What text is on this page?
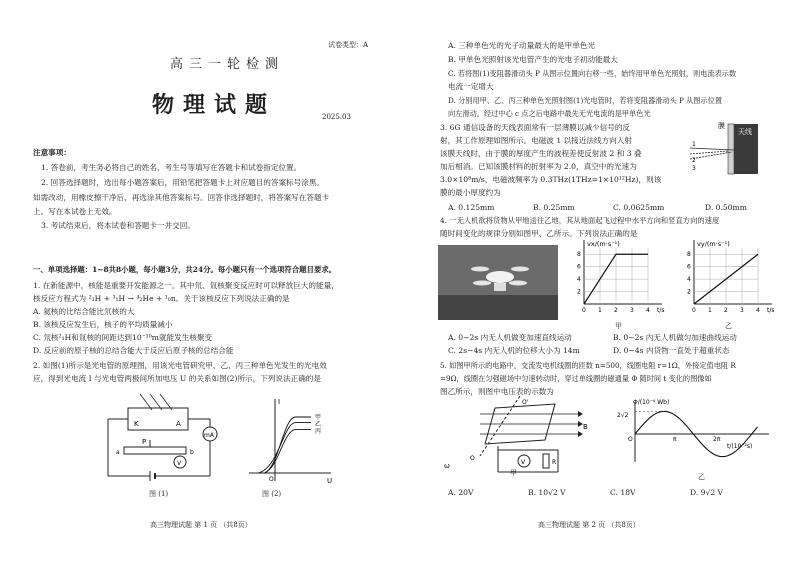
试卷类型：A
高三一轮检测
物理试题	2025.03
注意事项：
1. 答卷前，考生务必将自己的姓名、考生号等填写在答题卡和试卷指定位置。
2. 回答选择题时，选出每小题答案后，用铅笔把答题卡上对应题目的答案标号涂黑。
如需改动，用橡皮擦干净后，再选涂其他答案标号。回答非选择题时，将答案写在答题卡
上。写在本试卷上无效。
3. 考试结束后，将本试卷和答题卡一并交回。
一、单项选择题：1~8共8小题，每小题3分，共24分。每小题只有一个选项符合题目要求。
1. 在新能源中，核能是重要开发能源之一。其中氘、氚核聚变反应时可以释放巨大的能量，
核反应方程式为 ²₁H + ³₁H → ⁴₂He + ¹₀n。关于该核反应下列说法正确的是
A. 氦核的比结合能比氘核的大
B. 该核反应发生后，核子的平均质量减小
C. 氘核²₁H和氚核的间距达到10⁻¹⁰m就能发生核聚变
D. 反应前的原子核的总结合能大于反应后原子核的总结合能
2. 如图(1)所示是光电管的原理图，用该光电管研究甲、乙、丙三种单色光发生的光电效
应，得到光电流 I 与光电管两极间所加电压 U 的关系如图(2)所示，下列说法正确的是
mA
K	A
P
a	b
V
图 (1)
I
O	U
甲
乙
丙
图 (2)
高三物理试题 第 1 页 （共8页）
A. 三种单色光的光子动量最大的是甲单色光
B. 甲单色光照射该光电管产生的光电子初动能最大
C. 若将图(1)变阻器滑动头 P 从图示位置向右移一些，始终用甲单色光照射，则电流表示数
电流一定增大
D. 分别用甲、乙、丙三种单色光照射图(1)光电管时，若将变阻器滑动头 P 从图示位置
向左滑动，经过中心 c 点之后电路中最先无光电流的是甲单色光
3. 6G 通信设备的天线表面常有一层薄膜以减少信号的反
射，其工作原理如图所示。电磁波 1 以接近法线方向入射
该膜天线时，由于膜的厚度产生的波程差使反射波 2 和 3 叠
加后相消。已知该膜材料的折射率为 2.0，真空中的光速为
3.0×10⁸m/s，电磁波频率为 0.3THz(1THz=1×10¹²Hz)，则该
膜的最小厚度约为
膜
天线
1
2
3
A. 0.125mm	B. 0.25mm	C. 0.0625mm	D. 0.50mm
4. 一无人机欲将货物从甲地送往乙地，其从地面起飞过程中水平方向和竖直方向的速度
随时间变化的规律分别如图甲、乙所示。下列说法正确的是
2
4
6
8
0 1 2 3 4
vx/(m·s⁻¹)
t/s
2
4
6
8
0 1 2 3 4
vy/(m·s⁻¹)
t/s
甲	乙
A. 0~2s 内无人机做变加速直线运动	B. 0~2s 内无人机做匀加速曲线运动
C. 2s~4s 内无人机的位移大小为 14m	D. 0~4s 内货物一直处于超重状态
5. 如图甲所示的电路中，交流发电机线圈的匝数 n=500，线圈电阻 r=1Ω，外接定值电阻 R
=9Ω，线圈在匀强磁场中匀速转动时，穿过单线圈的磁通量 Φ 随时间 t 变化的图像如
图乙所示，则图中电压表的示数为
O'
B
O
ω	V	R
甲
Φ/(10⁻⁴ Wb)
t/(10⁻²s)
2√2
π	2π
O
乙
A. 20V	B. 10√2 V	C. 18V	D. 9√2 V
高三物理试题 第 2 页 （共8页）
